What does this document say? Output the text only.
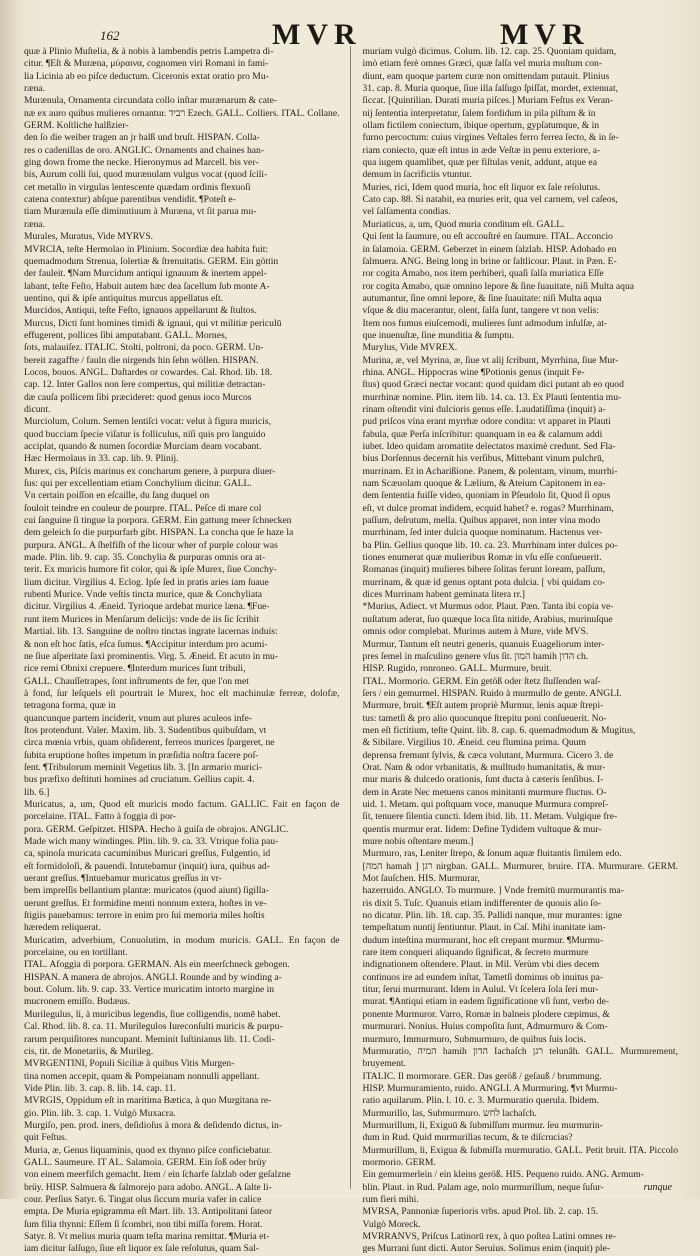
162	MVR	MVR
quæ à Plinio Muſtelia, & à nobis à lambendis petris Lampetra di-
citur. ¶Eſt & Muræna, μύραινα, cognomen viri Romani in fami-
lia Licinia ab eo piſce deductum. Ciceronis extat oratio pro Mu-
ræna.
Murænula, Ornamenta circundata collo inſtar murænarum & cate-
næ ex auro quibus mulieres ornantur. רביד Ezech. GALL. Colliers. ITAL. Collane. GERM. Koſtliche halßzier-
den ſo die weiber tragen an jr halß und bruſt. HISPAN. Colla-
res o cadenillas de oro. ANGLIC. Ornaments and chaines han-
ging down frome the necke. Hieronymus ad Marcell. bis ver-
bis, Aurum colli ſui, quod murænulam vulgus vocat (quod ſcili-
cet metallo in virgulas lentescente quædam ordinis flexuoſi
catena contextur) abſque parentibus vendidit. ¶Poteſt e-
tiam Murænula eſſe diminutiuum à Muræna, vt ſit parua mu-
ræna.
Murales, Muratus, Vide MYRVS.
MVRCIA, teſte Hermolao in Plinium. Socordiæ dea habita fuit:
quemadmodum Strenua, ſolertiæ & ſtrenuitatis. GERM. Ein göttin
der fauleit. ¶Nam Murcidum antiqui ignauum & inertem appel-
labant, teſte Feſto, Habuit autem hæc dea ſacellum ſub monte A-
uentino, qui & ipſe antiquitus murcus appellatus eſt.
Murcidos, Antiqui, teſte Feſto, ignauos appellarunt & ſtultos.
Murcus, Dicti ſunt homines timidi & ignaui, qui vt militiæ periculū
effugerent, pollices ſibi amputabant. GALL. Mornes,
ſots, malauiſez. ITALIC. Stolti, poltroni, da poco. GERM. Un-
bereit zagaffte / fauln die nirgends hin ſehn wöllen. HISPAN.
Locos, bouos. ANGL. Daſtardes or cowardes. Cal. Rhod. lib. 18.
cap. 12. Inter Gallos non ſere compertus, qui militiæ detractan-
dæ cauſa pollicem ſibi præcideret: quod genus ioco Murcos
dicunt.
Murciolum, Colum. Semen lentiſci vocat: velut à figura muricis,
quod bucciam ſpecie viſatur is folliculus, niſi quis pro languido
acciplat, quando & numen ſocordiæ Murciam deam vocabant.
Hæc Hermolaus in 33. cap. lib. 9. Plinij.
Murex, cis, Piſcis marinus ex concharum genere, à purpura diuer-
ſus: qui per excellentiam etiam Conchylium dicitur. GALL.
Vn certain poiſſon en eſcaille, du ſang duquel on
ſouloit teindre en couleur de pourpre. ITAL. Peſce di mare col
cui ſanguine ſi tingue la porpora. GERM. Ein gattung meer ſchnecken
dem geleich ſo die purpurfarb gibt. HISPAN. La concha que ſe haze la
purpura. ANGL. A ſhelfiſh of the licour wher of purple colour was
made. Plin. lib. 9. cap. 35. Conchylia & purpuras omnis ora at-
terit. Ex muricis humore fit color, qui & ipſe Murex, ſiue Conchy-
lium dicitur. Virgilius 4. Eclog. Ipſe ſed in pratis aries iam ſuaue
rubenti Murice. Vnde veſtis tincta murice, quæ & Conchyliata
dicitur. Virgilius 4. Æneid. Tyrioque ardebat murice læna. ¶Fue-
runt item Murices in Menſarum delicijs: vnde de iis ſic ſcribit
Martial. lib. 13. Sanguine de noſtro tinctas ingrate lacernas induis:
& non eſt hoc ſatis, eſca ſumus. ¶Accipitur interdum pro acumi-
ne ſiue aſperitate ſaxi prominentis. Virg. 5. Æneid. Et acuto in mu-
rice remi Obnixi crepuere. ¶Interdum murices ſunt tribuli,
GALL. Chauſſetrapes, ſont inſtruments de fer, que l'on met
à fond, ſur leſquels eſt pourtrait le Murex, hoc eſt machinulæ ferreæ, dolofæ, tetragona forma, quæ in
quancunque partem inciderit, vnum aut plures aculeos infe-
ſtos protendunt. Valer. Maxim. lib. 3. Sudentibus quibuſdam, vt
circa mœnia vrbis, quam obſiderent, ferreos murices ſpargeret, ne
ſubita eruptione hoſtes impetum in præſidia noſtra facere poſ-
ſent. ¶Tribulorum meminit Vegetius lib. 3. [In armario murici-
bus præfixo deſtituti homines ad cruciatum. Gellius capit. 4.
lib. 6.]
Muricatus, a, um, Quod eſt muricis modo factum. GALLIC. Fait en façon de porcelaine. ITAL. Fatto à foggia di por-
pora. GERM. Geſpitzet. HISPA. Hecho à guiſa de obrajos. ANGLIC.
Made wich many windinges. Plin. lib. 9. ca. 33. Vtrique folia pau-
ca, spinoſa muricata cacuminibus Muricari greſſus, Fulgentio, id
eſt formidoloſi, & pauendi. Intutebamur (inquit) iura, quibus ad-
uerant greſſus. ¶Intuebamur muricatus greſſus in vr-
bem impreſſis bellantium plantæ: muricatos (quod aiunt) ſigilla-
uerunt greſſus. Et formidine menti nonnum extera, hoſtes in ve-
ſtigiis pauebamus: terrore in enim pro ſui memoria miles hoſtis
hæredem reliquerat.
Muricatim, adverbium, Conuolutim, in modum muricis. GALL. En façon de porcelaine, ou en tortillant.
ITAL. Afoggia di porpora. GERMAN. Als ein meerſchneck gebogen.
HISPAN. A manera de abrojos. ANGLI. Rounde and by winding a-
bout. Colum. lib. 9. cap. 33. Vertice muricatim intorto margine in
mucronem emiſſo. Budæus.
Murilegulus, li, à muricibus legendis, ſiue colligendis, nomē habet.
Cal. Rhod. lib. 8. ca. 11. Murilegulos Iureconſulti muricis & purpu-
rarum perquiſitores nuncupant. Meminit Iuſtinianus lib. 11. Codi-
cis, tit. de Monetariis, & Murileg.
MVRGENTINI, Populi Siciliæ à quibus Vitis Murgen-
tina nomen accepit, quam & Pompeianam nonnulli appellant.
Vide Plin. lib. 3. cap. 8. lib. 14. cap. 11.
MVRGIS, Oppidum eſt in maritima Bætica, à quo Murgitana re-
gio. Plin. lib. 3. cap. 1. Vulgò Muxacra.
Murgiſo, pen. prod. iners, deſidioſus à mora & deſidendo dictus, in-
quit Feſtus.
Muria, æ, Genus liquaminis, quod ex thynno piſce conficiebatur.
GALL. Saumeure. IT AL. Salamoia. GERM. Ein ſoß oder brüy
von einem meerfiſch gemacht. Item / ein ſcharfe ſalzlab oder geſalzne
brüy. HISP. Salmuera & ſalmorejo para adobo. ANGL. A ſalte li-
cour. Perſius Satyr. 6. Tingat olus ſiccum muria vafer in calice
empta. De Muria epigramma eſt Mart. lib. 13. Antipolitani ſateor
ſum filia thynni: Eſſem ſi ſcombri, non tibi miſſa forem. Horat.
Satyr. 8. Vt melius muria quam teſta marina remittat. ¶Muria et-
iam dicitur ſalſugo, ſiue eſt liquor ex ſale reſolutus, quam Sal-
muriam vulgò dicimus. Colum. lib. 12. cap. 25. Quoniam quidam,
imò etiam ferè omnes Græci, quæ ſalſa vel muria muſtum con-
diunt, eam quoque partem curæ non omittendam putauit. Plinius
31. cap. 8. Muria quoque, ſiue illa ſalſugo ſpiſſat, mordet, extenuat,
ſiccat. [Quintilian. Durati muria piſces.] Muriam Feſtus ex Veran-
nij ſententia interpretatur, ſalem fordidum in pila piſtum & in
ollam fictilem coniectum, ibique opertum, gypſatumque, & in
furno percoctum: cuius virgines Veſtales ferro ferrea ſecto, & in ſe-
riam coniecto, quæ eſt intus in æde Veſtæ in penu exteriore, a-
qua iugem quamlibet, quæ per fiſtulas venit, addunt, atque ea
demum in ſacrificiis vtuntur.
Muries, rici, Idem quod muria, hoc eſt liquor ex ſale reſolutus.
Cato cap. 88. Si natabit, ea muries erit, qua vel carnem, vel caſeos,
vel ſalſamenta condias.
Muriaticus, a, um, Quod muria conditum eſt. GALL.
Qui ſent la ſaumure, ou eſt accouſtré en ſaumure. ITAL. Acconcio
in ſalamoia. GERM. Geberzet in einem ſalzlab. HISP. Adobado en
ſalmuera. ANG. Being long in brine or ſaltlicour. Plaut. in Pæn. E-
ror cogita Amabo, nos item perhiberi, quaſi ſalſa muriatica Eſſe
ror cogita Amabo, quæ omnino lepore & ſine ſuauitate, niſi Multa aqua
autumantur, ſine omni lepore, & ſine ſuauitate: niſi Multa aqua
vſque & diu macerantur, olent, ſalſa ſunt, tangere vt non velis:
Item nos fumus eiuſcemodi, mulieres ſunt admodum inſulſæ, at-
que inuenuſtæ, ſine munditia & ſumptu.
Murylus, Vide MVREX.
Murina, æ, vel Myrina, æ, ſiue vt alij ſcribunt, Myrrhina, ſiue Mur-
rhina. ANGL. Hippocras wine ¶Potionis genus (inquit Fe-
ſtus) quod Græci nectar vocant: quod quidam dici putant ab eo quod
murrhinæ nomine. Plin. item lib. 14. ca. 13. Ex Plauti ſententia mu-
rinam oſtendit vini dulcioris genus eſſe. Laudatiſſima (inquit) a-
pud priſcos vina erant myrrhæ odore condita: vt apparet in Plauti
fabula, quæ Perſa inſcribitur: quanquam in ea & calamum addi
iubet. Ideo quidam aromatite delectatos maximè credunt. Sed Fla-
bius Dorſennus decernit his verſibus, Mittebant vinum pulchrū,
murrinam. Et in Acharißione. Panem, & polentam, vinum, murrhi-
nam Scæuolam quoque & Lælium, & Ateium Capitonem in ea-
dem ſententia fuiſſe video, quoniam in Pſeudolo ſit, Quod ſi opus
eſt, vt dulce promat indidem, ecquid habet? e. rogas? Murrhinam,
paſſum, deſrutum, mella. Quibus apparet, non inter vina modo
murrhinam, ſed inter dulcia quoque nominatum. Hactenus ver-
ba Plin. Gellius quoque lib. 10. ca. 23. Murrhinam inter dulces po-
tiones enumerat quæ mulieribus Romæ in vſu eſſe conſueuerit.
Romanas (inquit) mulieres bibere ſolitas ferunt loream, paſſum,
murrinam, & quæ id genus optant pota dulcia. [ vbi quidam co-
dices Murrinam habent geminata litera rr.]
*Murius, Adiect. vt Murmus odor. Plaut. Pæn. Tanta ibi copia ve-
nuſtatum aderat, ſuo quæque loca ſita nitide, Arabius, murinuſque
omnis odor complebat. Murinus autem à Mure, vide MVS.
Murmur, Tantum eſt neutri generis, quanuis Euageliorum inter-
pres ſemel in maſculino genere vſus ſit. המון hamih הדון ch.
HISP. Rugido, ronroneo. GALL. Murmure, bruit.
ITAL. Mormorio. GERM. Ein getöß oder ſtetz ſluſſenden waſ-
ſers / ein gemurmel. HISPAN. Ruido à murmullo de gente. ANGLI.
Murmure, bruit. ¶Eſt autem propriè Murmur, lenis aquæ ſtrepi-
tus: tametſi & pro alio quocunque ſtrepitu poni conſueuerit. No-
men eſt fictitium, teſte Quint. lib. 8. cap. 6. quemadmodum & Mugitus,
& Sibilare. Virgilius 10. Æneid. ceu flumina prima. Quum
deprensa fremunt ſylvis, & cæca volutant, Murmura. Cicero 3. de
Orat. Nam & odor vrbanitatis, & mulltudo humanitatis, & mur-
mur maris & dulcedo orationis, ſunt ducta à cæteris ſenſibus. I-
dem in Arate Nec metuens canos minitanti murmure fluctus. O-
uid. 1. Metam. qui poſtquam voce, manuque Murmura compreſ-
ſit, tenuere ſilentia cuncti. Idem ibid. lib. 11. Metam. Vulgique fre-
quentis murmur erat. Iidem: Define Tydidem vultuque & mur-
mure nobis oſtentare meum.]
Murmuro, ras, Leniter ſtrepo, & ſonum aquæ fluitantis ſimilem edo.
[המה hamah ] רגן nirgban. GALL. Murmurer, bruire. ITA. Murmurare. GERM. Mot ſauſchen. HIS. Murmurar,
hazerruido. ANGLO. To murmure. ] Vnde fremitū murmurantis ma-
ris dixit 5. Tuſc. Quanuis etiam indifferenter de quouis alio ſo-
no dicatur. Plin. lib. 18. cap. 35. Pallidi nanque, mur murantes: igne
tempeſtatum nuntij ſentiuntur. Plaut. in Caſ. Mihi inanitate iam-
dudum inteſtina murmurant, hoc eſt crepant murmur. ¶Murmu-
rare item conqueri aliquando ſignificat, & ſecreto murmure
indignationem oſtendere. Plaut. in Mil. Verùm vbi dies decem
continuos ire ad eundem inſtat, Tametſi dominus ob inuitus pa-
titur, ſerui murmurant. Idem in Aulul. Vt ſcelera ſola ſeri mur-
murat. ¶Antiqui etiam in eadem ſignificatione vſi ſunt, verbo de-
ponente Murmuror. Varro, Romæ in balneis plodere cæpimus, &
murmurari. Nonius. Huius compoſita ſunt, Admurmuro & Com-
murmuro, Immurmuro, Submurmuro, de quibus ſuis locis.
Murmuratio, המיה hamih הדון Iachaſch רגן telunâh. GALL. Murmurement, bruyement.
ITALIC. Il mormorare. GER. Das geröß / geſauß / brummung.
HISP. Murmuramiento, ruido. ANGLI. A Murmuring. ¶vt Murmu-
ratio aquilarum. Plin. l. 10. c. 3. Murmuratio querula. Ibidem.
Murmurillo, las, Submurmuro. לחש lachaſch.
Murmurillum, li, Exiguū & ſubmiſſum murmur. ſeu murmurin-
dum in Rud. Quid murmurillas tecum, & te diſcrucias?
Murmurillum, li, Exigua & ſubmiſſa murmuratio. GALL. Petit bruit. ITA. Piccolo mormorio. GERM.
Ein gemurmerlein / ein kleins geröß. HIS. Pequeno ruido. ANG. Armum-
blin. Plaut. in Rud. Palam age, nolo murmurillum, neque ſuſur-
rum fieri mihi.
MVRSA, Pannoniæ ſuperioris vrbs. apud Ptol. lib. 2. cap. 15.
Vulgò Moreck.
MVRRANVS, Priſcus Latinorū rex, à quo poſtea Latini omnes re-
ges Murrani ſunt dicti. Autor Seruius. Solimus enim (inquit) ple-
runque
